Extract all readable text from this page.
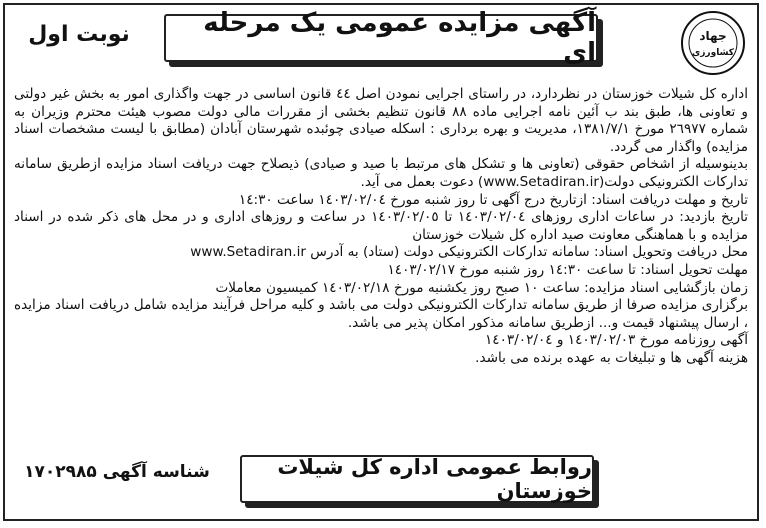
جهاد
کشاورزی
آگهی مزایده عمومی یک مرحله ای
نوبت اول

اداره کل شیلات خوزستان در نظردارد، در راستای اجرایی نمودن اصل ٤٤ قانون اساسی در جهت واگذاری امور به بخش غیر دولتی و تعاونی ها، طبق بند ب آئین نامه اجرایی ماده ۸۸ قانون تنظیم بخشی از مقررات مالی دولت مصوب هیئت محترم وزیران به شماره ٢٦٩٧٧ مورخ ١٣٨١/٧/١، مدیریت و بهره برداری : اسکله صیادی چوئبده شهرستان آبادان (مطابق با لیست مشخصات اسناد مزایده) واگذار می گردد.

بدینوسیله از اشخاص حقوقی (تعاونی ها و تشکل های مرتبط با صید و صیادی) ذیصلاح جهت دریافت اسناد مزایده ازطریق سامانه تدارکات الکترونیکی دولت(www.Setadiran.ir) دعوت بعمل می آید.

تاریخ و مهلت دریافت اسناد: ازتاریخ درج آگهی تا روز شنبه مورخ ١٤٠٣/٠٢/٠٤ ساعت ١٤:٣٠

تاریخ بازدید: در ساعات اداری روزهای ١٤٠٣/٠٢/٠٤ تا ١٤٠٣/٠٢/٠٥ در ساعت و روزهای اداری و در محل های ذکر شده در اسناد مزایده و با هماهنگی معاونت صید اداره کل شیلات خوزستان

محل دریافت وتحویل اسناد: سامانه تدارکات الکترونیکی دولت (ستاد) به آدرس www.Setadiran.ir

مهلت تحویل اسناد: تا ساعت ١٤:٣٠ روز شنبه مورخ ١٤٠٣/٠٢/١٧

زمان بازگشایی اسناد مزایده: ساعت ١٠ صبح روز یکشنبه مورخ ١٤٠٣/٠٢/١٨ کمیسیون معاملات

برگزاری مزایده صرفا از طریق سامانه تدارکات الکترونیکی دولت می باشد و کلیه مراحل فرآیند مزایده شامل دریافت اسناد مزایده ، ارسال پیشنهاد قیمت و... ازطریق سامانه مذکور امکان پذیر می باشد.

آگهی روزنامه مورخ ١٤٠٣/٠٢/٠٣ و ١٤٠٣/٠٢/٠٤

هزینه آگهی ها و تبلیغات به عهده برنده می باشد.

روابط عمومی اداره کل شیلات خوزستان
شناسه آگهی ۱۷۰۲۹۸۵
